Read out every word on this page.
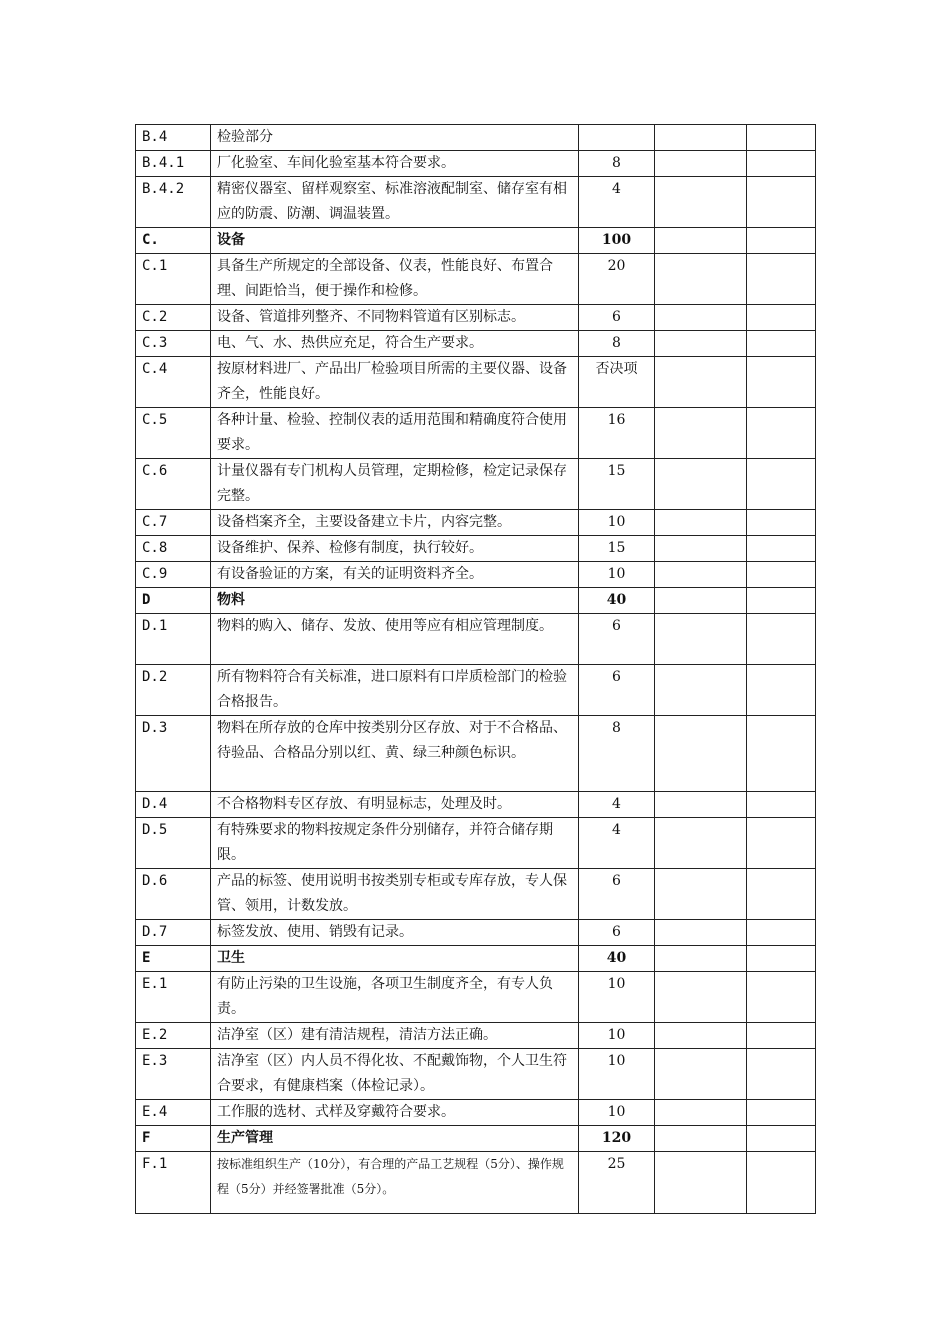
B.4	检验部分			
B.4.1	厂化验室、车间化验室基本符合要求。	8		
B.4.2	精密仪器室、留样观察室、标准溶液配制室、储存室有相应的防震、防潮、调温装置。	4		
C.	设备	100		
C.1	具备生产所规定的全部设备、仪表，性能良好、布置合理、间距恰当，便于操作和检修。	20		
C.2	设备、管道排列整齐、不同物料管道有区别标志。	6		
C.3	电、气、水、热供应充足，符合生产要求。	8		
C.4	按原材料进厂、产品出厂检验项目所需的主要仪器、设备齐全，性能良好。	否决项		
C.5	各种计量、检验、控制仪表的适用范围和精确度符合使用要求。	16		
C.6	计量仪器有专门机构人员管理，定期检修，检定记录保存完整。	15		
C.7	设备档案齐全，主要设备建立卡片，内容完整。	10		
C.8	设备维护、保养、检修有制度，执行较好。	15		
C.9	有设备验证的方案，有关的证明资料齐全。	10		
D	物料	40		
D.1	物料的购入、储存、发放、使用等应有相应管理制度。	6		
D.2	所有物料符合有关标准，进口原料有口岸质检部门的检验合格报告。	6		
D.3	物料在所存放的仓库中按类别分区存放、对于不合格品、待验品、合格品分别以红、黄、绿三种颜色标识。	8		
D.4	不合格物料专区存放、有明显标志，处理及时。	4		
D.5	有特殊要求的物料按规定条件分别储存，并符合储存期限。	4		
D.6	产品的标签、使用说明书按类别专柜或专库存放，专人保管、领用，计数发放。	6		
D.7	标签发放、使用、销毁有记录。	6		
E	卫生	40		
E.1	有防止污染的卫生设施，各项卫生制度齐全，有专人负责。	10		
E.2	洁净室（区）建有清洁规程，清洁方法正确。	10		
E.3	洁净室（区）内人员不得化妆、不配戴饰物，个人卫生符合要求，有健康档案（体检记录）。	10		
E.4	工作服的选材、式样及穿戴符合要求。	10		
F	生产管理	120		
F.1	按标准组织生产（10分），有合理的产品工艺规程（5分）、操作规程（5分）并经签署批准（5分）。	25		
